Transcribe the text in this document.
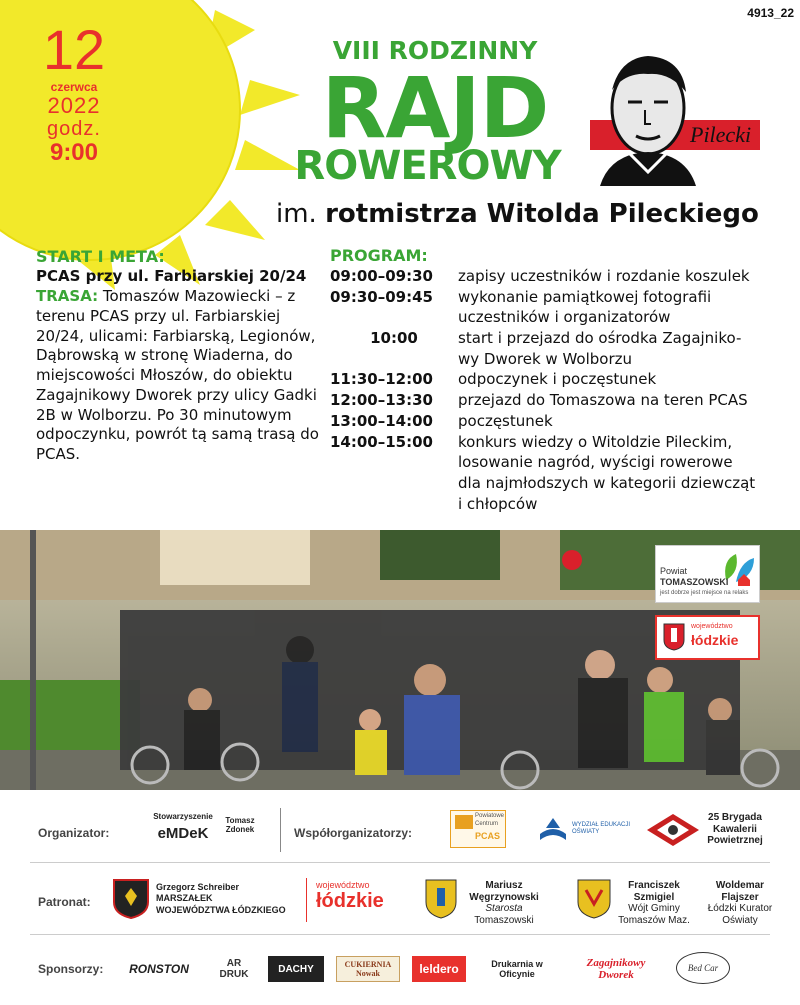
4913_22
12
czerwca
2022
godz.
9:00
VIII RODZINNY
RAJD
ROWEROWY
im. rotmistrza Witolda Pileckiego
Pilecki
START I META:
PCAS przy ul. Farbiarskiej 20/24
TRASA: Tomaszów Mazowiecki – z terenu PCAS przy ul. Farbiarskiej 20/24, ulicami: Farbiarską, Legionów, Dąbrowską w stronę Wiaderna, do miejscowości Młoszów, do obiektu Zagajnikowy Dworek przy ulicy Gadki 2B w Wolborzu. Po 30 minutowym odpoczynku, powrót tą samą trasą do PCAS.
PROGRAM:
09:00–09:30	zapisy uczestników i rozdanie koszulek
09:30–09:45	wykonanie pamiątkowej fotografii
uczestników i organizatorów
10:00	start i przejazd do ośrodka Zagajniko-
wy Dworek w Wolborzu
11:30–12:00	odpoczynek i poczęstunek
12:00–13:30	przejazd do Tomaszowa na teren PCAS
13:00–14:00	poczęstunek
14:00–15:00	konkurs wiedzy o Witoldzie Pileckim,
losowanie nagród, wyścigi rowerowe
dla najmłodszych w kategorii dziewcząt
i chłopców
Powiat
TOMASZOWSKI
jest dobrze jest miejsce na relaks
województwo
łódzkie
Organizator:
Stowarzyszenie
eMDeK
Tomasz
Zdonek	Współorganizatorzy:
Powiatowe
Centrum
PCAS
WYDZIAŁ EDUKACJI OŚWIATY
25 Brygada
Kawalerii
Powietrznej
Patronat:
Grzegorz Schreiber
MARSZAŁEK
WOJEWÓDZTWA ŁÓDZKIEGO
województwo
łódzkie
Mariusz
Węgrzynowski
Starosta
Tomaszowski
Franciszek
Szmigiel
Wójt Gminy
Tomaszów Maz.
Woldemar
Flajszer
Łódzki Kurator
Oświaty
Sponsorzy:	RONSTON	AR DRUK	DACHY	CUKIERNIA Nowak	leldero	Drukarnia w Oficynie
Zagajnikowy Dworek
Bed Car
